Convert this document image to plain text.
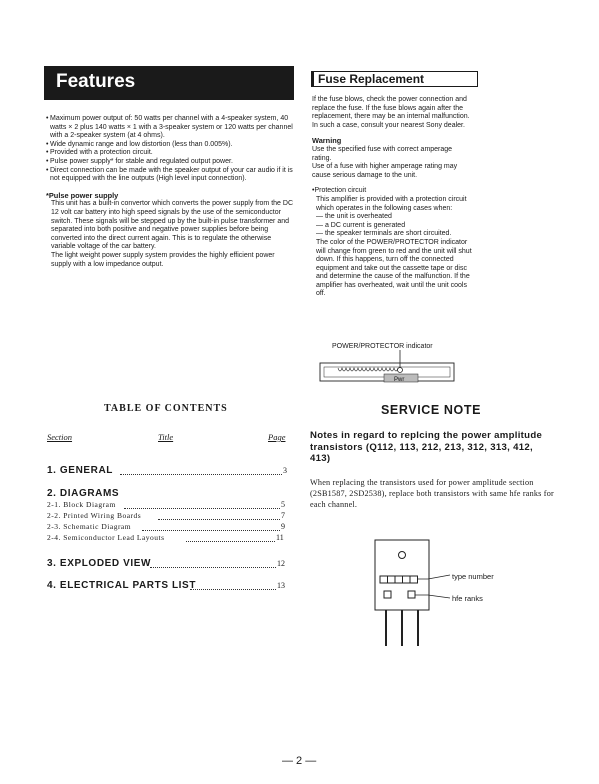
Features
• Maximum power output of: 50 watts per channel with a 4-speaker system, 40 watts × 2 plus 140 watts × 1 with a 3-speaker system or 120 watts per channel with a 2-speaker system (at 4 ohms).
• Wide dynamic range and low distortion (less than 0.005%).
• Provided with a protection circuit.
• Pulse power supply* for stable and regulated output power.
• Direct connection can be made with the speaker output of your car audio if it is not equipped with the line outputs (High level input connection).
*Pulse power supply
This unit has a built-in convertor which converts the power supply from the DC 12 volt car battery into high speed signals by the use of the semiconductor switch. These signals will be stepped up by the built-in pulse transformer and separated into both positive and negative power supplies before being converted into the direct current again. This is to regulate the otherwise variable voltage of the car battery.
The light weight power supply system provides the highly efficient power supply with a low impedance output.
Fuse Replacement
If the fuse blows, check the power connection and replace the fuse. If the fuse blows again after the replacement, there may be an internal malfunction. In such a case, consult your nearest Sony dealer.
Warning
Use the specified fuse with correct amperage rating.
Use of a fuse with higher amperage rating may cause serious damage to the unit.
•Protection circuit
This amplifier is provided with a protection circuit which operates in the following cases when:
— the unit is overheated
— a DC current is generated
— the speaker terminals are short circuited.
The color of the POWER/PROTECTOR indicator will change from green to red and the unit will shut down. If this happens, turn off the connected equipment and take out the cassette tape or disc and determine the cause of the malfunction. If the amplifier has overheated, wait until the unit cools off.
POWER/PROTECTOR indicator
Pwr
TABLE OF CONTENTS
Section	Title	Page
1. GENERAL	3
2. DIAGRAMS
2-1. Block Diagram	5
2-2. Printed Wiring Boards	7
2-3. Schematic Diagram	9
2-4. Semiconductor Lead Layouts	11
3. EXPLODED VIEW	12
4. ELECTRICAL PARTS LIST	13
SERVICE NOTE
Notes in regard to replcing the power amplitude transistors (Q112, 113, 212, 213, 312, 313, 412, 413)
When replacing the transistors used for power amplitude section (2SB1587, 2SD2538), replace both transistors with same hfe ranks for each channel.
type number
hfe ranks
— 2 —
